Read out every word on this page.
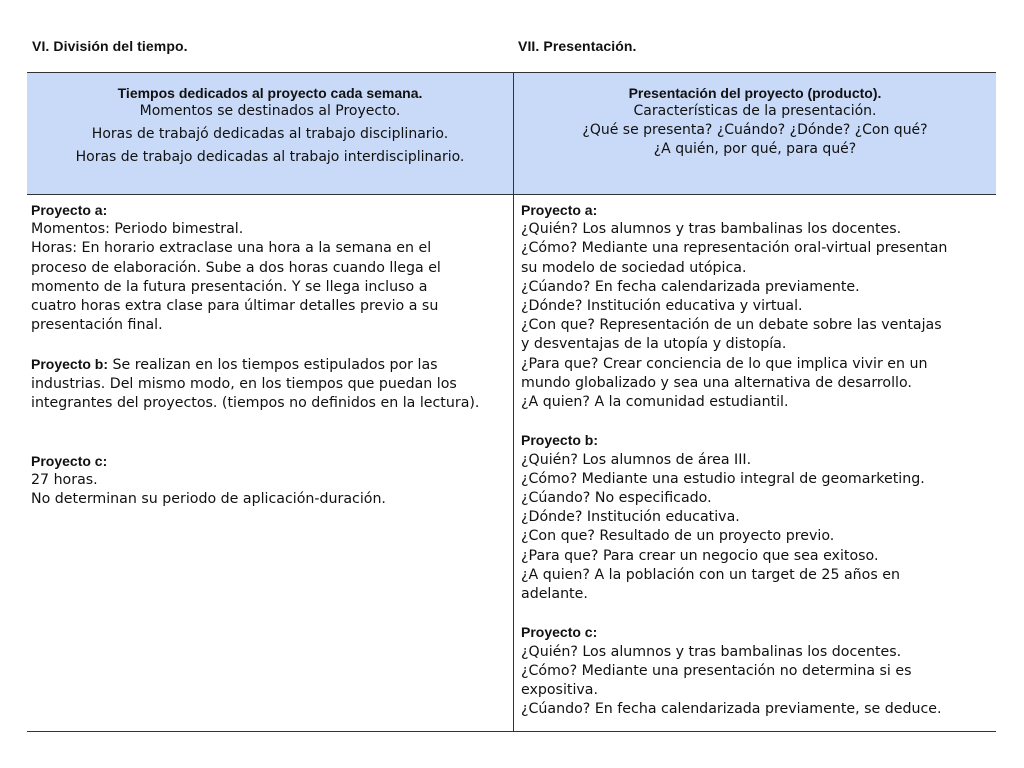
VI. División del tiempo.	VII. Presentación.
Tiempos dedicados al proyecto cada semana.
Momentos se destinados al Proyecto.
Horas de trabajó dedicadas al trabajo disciplinario.
Horas de trabajo dedicadas al trabajo interdisciplinario.
Presentación del proyecto (producto).
Características de la presentación.
¿Qué se presenta? ¿Cuándo? ¿Dónde? ¿Con qué?
¿A quién, por qué, para qué?
Proyecto a:
Momentos: Periodo bimestral.
Horas: En horario extraclase una hora a la semana en el
proceso de elaboración. Sube a dos horas cuando llega el
momento de la futura presentación. Y se llega incluso a
cuatro horas extra clase para últimar detalles previo a su
presentación final.
Proyecto b: Se realizan en los tiempos estipulados por las
industrias. Del mismo modo, en los tiempos que puedan los
integrantes del proyectos. (tiempos no definidos en la lectura).
Proyecto c:
27 horas.
No determinan su periodo de aplicación-duración.
Proyecto a:
¿Quién? Los alumnos y tras bambalinas los docentes.
¿Cómo? Mediante una representación oral-virtual presentan
su modelo de sociedad utópica.
¿Cúando? En fecha calendarizada previamente.
¿Dónde? Institución educativa y virtual.
¿Con que? Representación de un debate sobre las ventajas
y desventajas de la utopía y distopía.
¿Para que? Crear conciencia de lo que implica vivir en un
mundo globalizado y sea una alternativa de desarrollo.
¿A quien? A la comunidad estudiantil.
Proyecto b:
¿Quién? Los alumnos de área III.
¿Cómo? Mediante una estudio integral de geomarketing.
¿Cúando? No especificado.
¿Dónde? Institución educativa.
¿Con que? Resultado de un proyecto previo.
¿Para que? Para crear un negocio que sea exitoso.
¿A quien? A la población con un target de 25 años en
adelante.
Proyecto c:
¿Quién? Los alumnos y tras bambalinas los docentes.
¿Cómo? Mediante una presentación no determina si es
expositiva.
¿Cúando? En fecha calendarizada previamente, se deduce.
